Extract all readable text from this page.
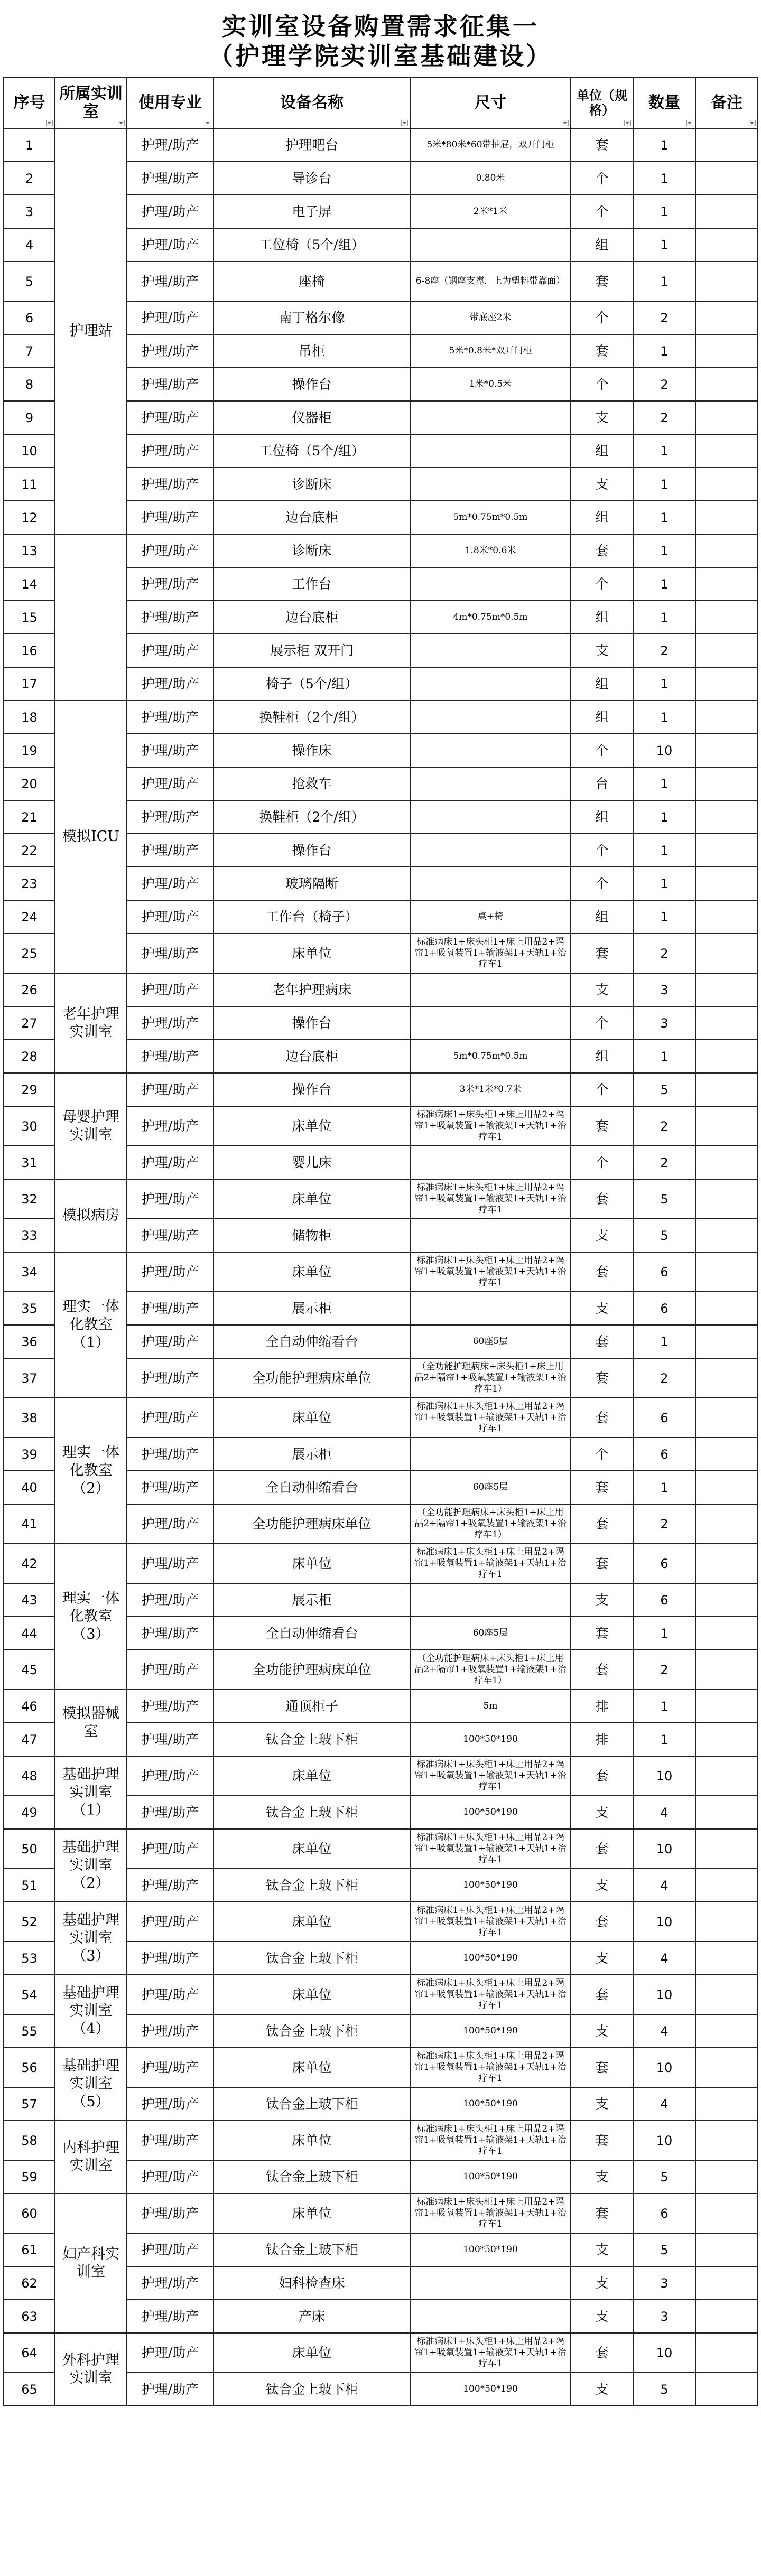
实训室设备购置需求征集一
（护理学院实训室基础建设）
序号	所属实训室	使用专业	设备名称	尺寸	单位（规格）	数量	备注

1	护理站	护理/助产	护理吧台	5米*80米*60带抽屉，双开门柜	套	1	
2		护理/助产	导诊台	0.80米	个	1	
3		护理/助产	电子屏	2米*1米	个	1	
4		护理/助产	工位椅（5个/组）		组	1	
5		护理/助产	座椅	6-8座（钢座支撑，上为塑料带靠面）	套	1	
6		护理/助产	南丁格尔像	带底座2米	个	2	
7		护理/助产	吊柜	5米*0.8米*双开门柜	套	1	
8		护理/助产	操作台	1米*0.5米	个	2	
9		护理/助产	仪器柜		支	2	
10		护理/助产	工位椅（5个/组）		组	1	
11		护理/助产	诊断床		支	1	
12		护理/助产	边台底柜	5m*0.75m*0.5m	组	1	
13		护理/助产	诊断床	1.8米*0.6米	套	1	
14		护理/助产	工作台		个	1	
15		护理/助产	边台底柜	4m*0.75m*0.5m	组	1	
16		护理/助产	展示柜 双开门		支	2	
17		护理/助产	椅子（5个/组）		组	1	
18	模拟ICU	护理/助产	换鞋柜（2个/组）		组	1	
19		护理/助产	操作床		个	10	
20		护理/助产	抢救车		台	1	
21		护理/助产	换鞋柜（2个/组）		组	1	
22		护理/助产	操作台		个	1	
23		护理/助产	玻璃隔断		个	1	
24		护理/助产	工作台（椅子）	桌+椅	组	1	
25		护理/助产	床单位	标准病床1+床头柜1+床上用品2+隔帘1+吸氧装置1+输液架1+天轨1+治疗车1	套	2	
26	老年护理实训室	护理/助产	老年护理病床		支	3	
27		护理/助产	操作台		个	3	
28		护理/助产	边台底柜	5m*0.75m*0.5m	组	1	
29	母婴护理实训室	护理/助产	操作台	3米*1米*0.7米	个	5	
30		护理/助产	床单位	标准病床1+床头柜1+床上用品2+隔帘1+吸氧装置1+输液架1+天轨1+治疗车1	套	2	
31		护理/助产	婴儿床		个	2	
32	模拟病房	护理/助产	床单位	标准病床1+床头柜1+床上用品2+隔帘1+吸氧装置1+输液架1+天轨1+治疗车1	套	5	
33		护理/助产	储物柜		支	5	
34	理实一体化教室（1）	护理/助产	床单位	标准病床1+床头柜1+床上用品2+隔帘1+吸氧装置1+输液架1+天轨1+治疗车1	套	6	
35		护理/助产	展示柜		支	6	
36		护理/助产	全自动伸缩看台	60座5层	套	1	
37		护理/助产	全功能护理病床单位	（全功能护理病床+床头柜1+床上用品2+隔帘1+吸氧装置1+输液架1+治疗车1）	套	2	
38	理实一体化教室（2）	护理/助产	床单位	标准病床1+床头柜1+床上用品2+隔帘1+吸氧装置1+输液架1+天轨1+治疗车1	套	6	
39		护理/助产	展示柜		个	6	
40		护理/助产	全自动伸缩看台	60座5层	套	1	
41		护理/助产	全功能护理病床单位	（全功能护理病床+床头柜1+床上用品2+隔帘1+吸氧装置1+输液架1+治疗车1）	套	2	
42	理实一体化教室（3）	护理/助产	床单位	标准病床1+床头柜1+床上用品2+隔帘1+吸氧装置1+输液架1+天轨1+治疗车1	套	6	
43		护理/助产	展示柜		支	6	
44		护理/助产	全自动伸缩看台	60座5层	套	1	
45		护理/助产	全功能护理病床单位	（全功能护理病床+床头柜1+床上用品2+隔帘1+吸氧装置1+输液架1+治疗车1）	套	2	
46	模拟器械室	护理/助产	通顶柜子	5m	排	1	
47		护理/助产	钛合金上玻下柜	100*50*190	排	1	
48	基础护理实训室（1）	护理/助产	床单位	标准病床1+床头柜1+床上用品2+隔帘1+吸氧装置1+输液架1+天轨1+治疗车1	套	10	
49		护理/助产	钛合金上玻下柜	100*50*190	支	4	
50	基础护理实训室（2）	护理/助产	床单位	标准病床1+床头柜1+床上用品2+隔帘1+吸氧装置1+输液架1+天轨1+治疗车1	套	10	
51		护理/助产	钛合金上玻下柜	100*50*190	支	4	
52	基础护理实训室（3）	护理/助产	床单位	标准病床1+床头柜1+床上用品2+隔帘1+吸氧装置1+输液架1+天轨1+治疗车1	套	10	
53		护理/助产	钛合金上玻下柜	100*50*190	支	4	
54	基础护理实训室（4）	护理/助产	床单位	标准病床1+床头柜1+床上用品2+隔帘1+吸氧装置1+输液架1+天轨1+治疗车1	套	10	
55		护理/助产	钛合金上玻下柜	100*50*190	支	4	
56	基础护理实训室（5）	护理/助产	床单位	标准病床1+床头柜1+床上用品2+隔帘1+吸氧装置1+输液架1+天轨1+治疗车1	套	10	
57		护理/助产	钛合金上玻下柜	100*50*190	支	4	
58	内科护理实训室	护理/助产	床单位	标准病床1+床头柜1+床上用品2+隔帘1+吸氧装置1+输液架1+天轨1+治疗车1	套	10	
59		护理/助产	钛合金上玻下柜	100*50*190	支	5	
60	妇产科实训室	护理/助产	床单位	标准病床1+床头柜1+床上用品2+隔帘1+吸氧装置1+输液架1+天轨1+治疗车1	套	6	
61		护理/助产	钛合金上玻下柜	100*50*190	支	5	
62		护理/助产	妇科检查床		支	3	
63		护理/助产	产床		支	3	
64	外科护理实训室	护理/助产	床单位	标准病床1+床头柜1+床上用品2+隔帘1+吸氧装置1+输液架1+天轨1+治疗车1	套	10	
65		护理/助产	钛合金上玻下柜	100*50*190	支	5	
